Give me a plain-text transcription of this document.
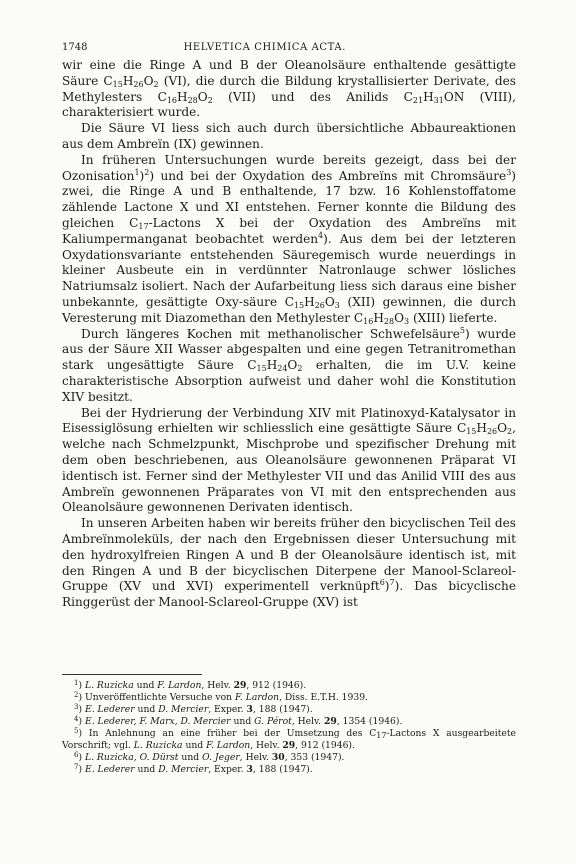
1748	HELVETICA CHIMICA ACTA.

wir eine die Ringe A und B der Oleanolsäure enthaltende gesättigte Säure $C_{15}H_{26}O_2$ (VI), die durch die Bildung krystallisierter Derivate, des Methylesters $C_{16}H_{28}O_2$ (VII) und des Anilids $C_{21}H_{31}ON$ (VIII), charakterisiert wurde.

Die Säure VI liess sich auch durch übersichtliche Abbaureaktionen aus dem Ambreïn (IX) gewinnen.

In früheren Untersuchungen wurde bereits gezeigt, dass bei der Ozonisation$^1$)$^2$) und bei der Oxydation des Ambreïns mit Chromsäure$^3$) zwei, die Ringe A und B enthaltende, 17 bzw. 16 Kohlenstoffatome zählende Lactone X und XI entstehen. Ferner konnte die Bildung des gleichen $C_{17}$-Lactons X bei der Oxydation des Ambreïns mit Kaliumpermanganat beobachtet werden$^4$). Aus dem bei der letzteren Oxydationsvariante entstehenden Säuregemisch wurde neuerdings in kleiner Ausbeute ein in verdünnter Natronlauge schwer lösliches Natriumsalz isoliert. Nach der Aufarbeitung liess sich daraus eine bisher unbekannte, gesättigte Oxy-säure $C_{15}H_{26}O_3$ (XII) gewinnen, die durch Veresterung mit Diazomethan den Methylester $C_{16}H_{28}O_3$ (XIII) lieferte.

Durch längeres Kochen mit methanolischer Schwefelsäure$^5$) wurde aus der Säure XII Wasser abgespalten und eine gegen Tetranitromethan stark ungesättigte Säure $C_{15}H_{24}O_2$ erhalten, die im U.V. keine charakteristische Absorption aufweist und daher wohl die Konstitution XIV besitzt.

Bei der Hydrierung der Verbindung XIV mit Platinoxyd-Katalysator in Eisessiglösung erhielten wir schliesslich eine gesättigte Säure $C_{15}H_{26}O_2$, welche nach Schmelzpunkt, Mischprobe und spezifischer Drehung mit dem oben beschriebenen, aus Oleanolsäure gewonnenen Präparat VI identisch ist. Ferner sind der Methylester VII und das Anilid VIII des aus Ambreïn gewonnenen Präparates von VI mit den entsprechenden aus Oleanolsäure gewonnenen Derivaten identisch.

In unseren Arbeiten haben wir bereits früher den bicyclischen Teil des Ambreïnmoleküls, der nach den Ergebnissen dieser Untersuchung mit den hydroxylfreien Ringen A und B der Oleanolsäure identisch ist, mit den Ringen A und B der bicyclischen Diterpene der Manool-Sclareol-Gruppe (XV und XVI) experimentell verknüpft$^6$)$^7$). Das bicyclische Ringgerüst der Manool-Sclareol-Gruppe (XV) ist

$^1$) L. Ruzicka und F. Lardon, Helv. 29, 912 (1946).
$^2$) Unveröffentlichte Versuche von F. Lardon, Diss. E.T.H. 1939.
$^3$) E. Lederer und D. Mercier, Exper. 3, 188 (1947).
$^4$) E. Lederer, F. Marx, D. Mercier und G. Pérot, Helv. 29, 1354 (1946).
$^5$) In Anlehnung an eine früher bei der Umsetzung des $C_{17}$-Lactons X ausgearbeitete Vorschrift; vgl. L. Ruzicka und F. Lardon, Helv. 29, 912 (1946).
$^6$) L. Ruzicka, O. Dürst und O. Jeger, Helv. 30, 353 (1947).
$^7$) E. Lederer und D. Mercier, Exper. 3, 188 (1947).
